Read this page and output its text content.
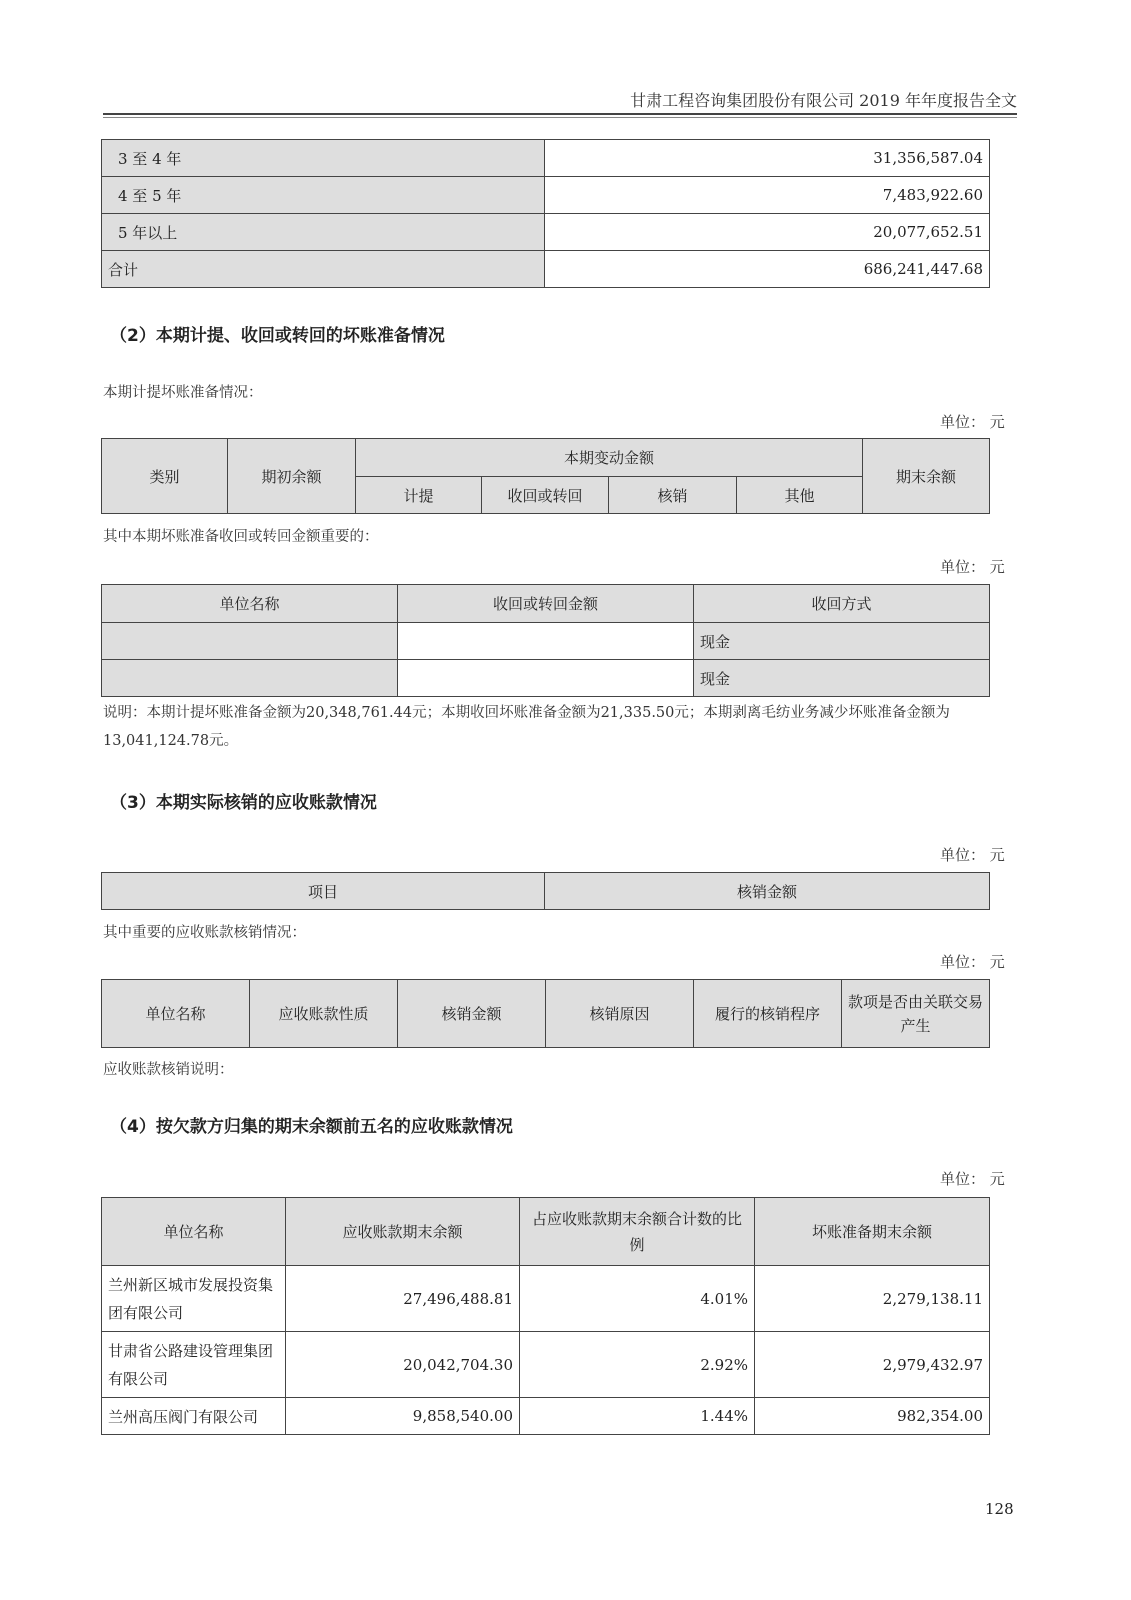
甘肃工程咨询集团股份有限公司 2019 年年度报告全文
3 至 4 年	31,356,587.04
4 至 5 年	7,483,922.60
5 年以上	20,077,652.51
合计	686,241,447.68
（2）本期计提、收回或转回的坏账准备情况
本期计提坏账准备情况：
单位： 元
类别	期初余额	本期变动金额				期末余额
		计提	收回或转回	核销	其他	
其中本期坏账准备收回或转回金额重要的：
单位： 元
单位名称	收回或转回金额	收回方式
		现金
		现金
说明：本期计提坏账准备金额为20,348,761.44元；本期收回坏账准备金额为21,335.50元；本期剥离毛纺业务减少坏账准备金额为13,041,124.78元。
（3）本期实际核销的应收账款情况
单位： 元
项目	核销金额
其中重要的应收账款核销情况：
单位： 元
单位名称	应收账款性质	核销金额	核销原因	履行的核销程序	款项是否由关联交易产生
应收账款核销说明：
（4）按欠款方归集的期末余额前五名的应收账款情况
单位： 元
单位名称	应收账款期末余额	占应收账款期末余额合计数的比例	坏账准备期末余额
兰州新区城市发展投资集团有限公司	27,496,488.81	4.01%	2,279,138.11
甘肃省公路建设管理集团有限公司	20,042,704.30	2.92%	2,979,432.97
兰州高压阀门有限公司	9,858,540.00	1.44%	982,354.00
128
